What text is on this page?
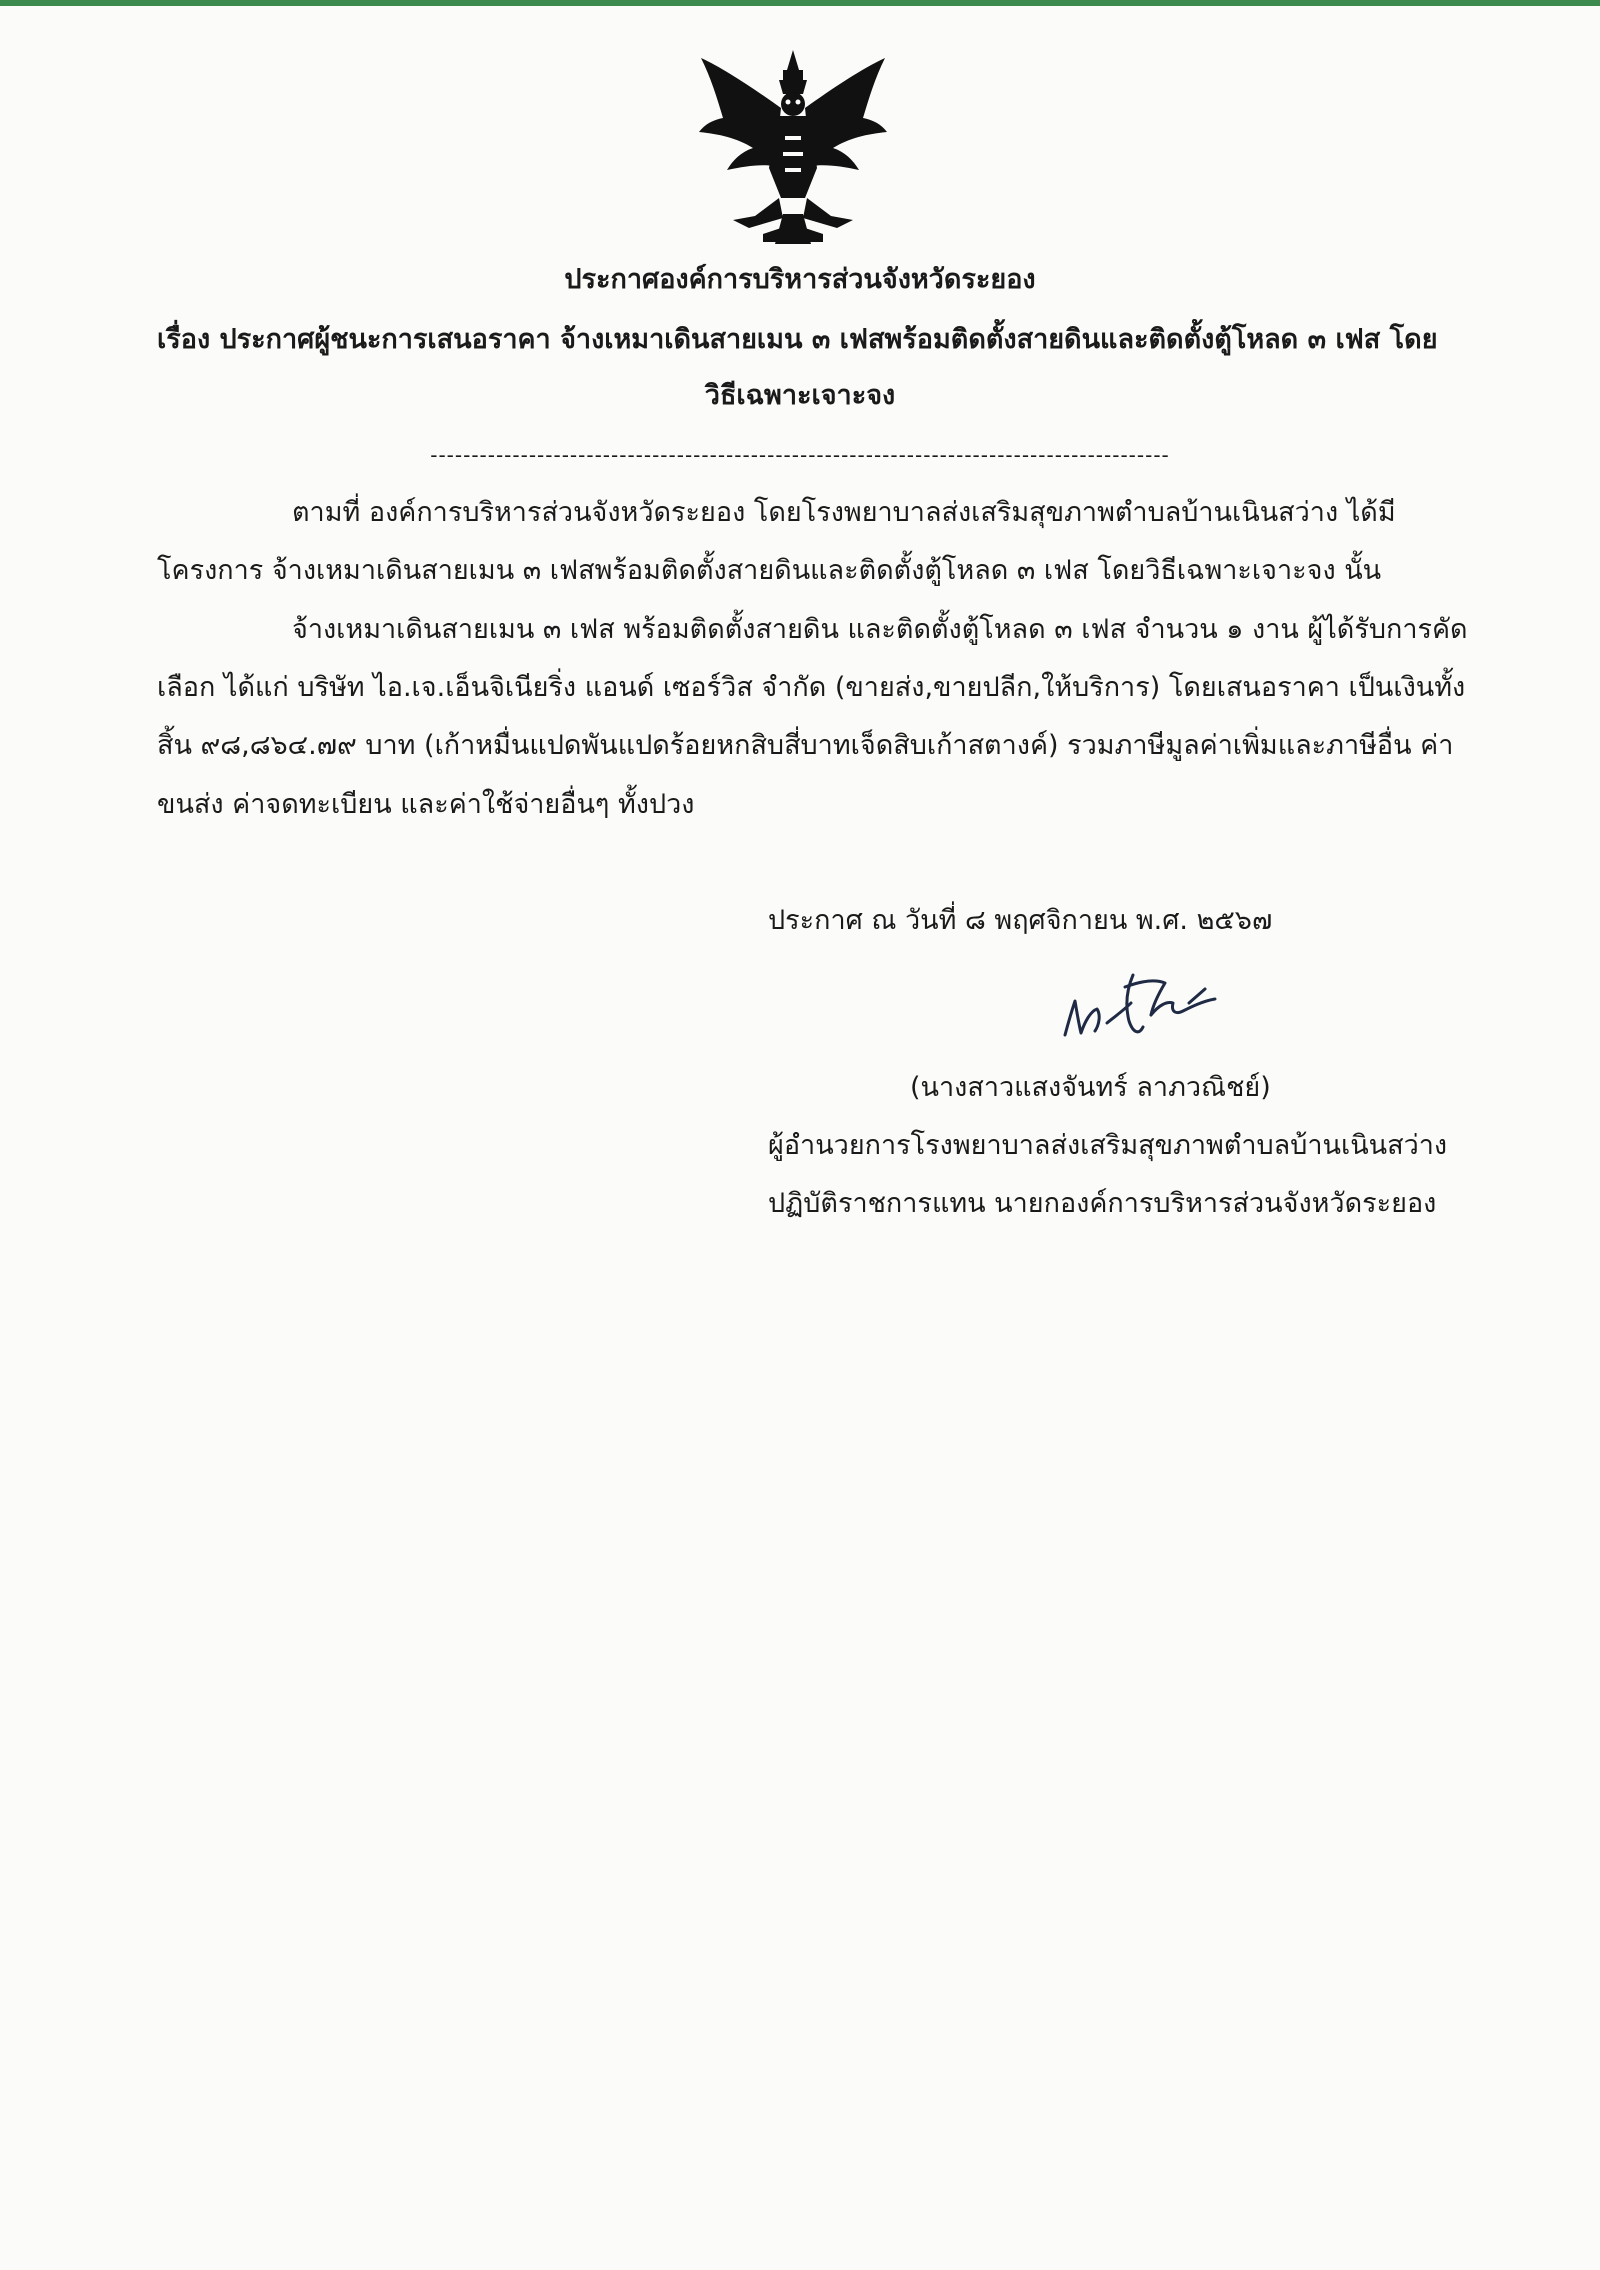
ประกาศองค์การบริหารส่วนจังหวัดระยอง
เรื่อง ประกาศผู้ชนะการเสนอราคา จ้างเหมาเดินสายเมน ๓ เฟสพร้อมติดตั้งสายดินและติดตั้งตู้โหลด ๓ เฟส โดย
วิธีเฉพาะเจาะจง
------------------------------------------------------------------------------------------
ตามที่ องค์การบริหารส่วนจังหวัดระยอง โดยโรงพยาบาลส่งเสริมสุขภาพตำบลบ้านเนินสว่าง ได้มี
โครงการ จ้างเหมาเดินสายเมน ๓ เฟสพร้อมติดตั้งสายดินและติดตั้งตู้โหลด ๓ เฟส โดยวิธีเฉพาะเจาะจง นั้น
จ้างเหมาเดินสายเมน ๓ เฟส พร้อมติดตั้งสายดิน และติดตั้งตู้โหลด ๓ เฟส จำนวน ๑ งาน ผู้ได้รับการคัด
เลือก ได้แก่ บริษัท ไอ.เจ.เอ็นจิเนียริ่ง แอนด์ เซอร์วิส จำกัด (ขายส่ง,ขายปลีก,ให้บริการ) โดยเสนอราคา เป็นเงินทั้ง
สิ้น ๙๘,๘๖๔.๗๙ บาท (เก้าหมื่นแปดพันแปดร้อยหกสิบสี่บาทเจ็ดสิบเก้าสตางค์) รวมภาษีมูลค่าเพิ่มและภาษีอื่น ค่า
ขนส่ง ค่าจดทะเบียน และค่าใช้จ่ายอื่นๆ ทั้งปวง
ประกาศ ณ วันที่ ๘ พฤศจิกายน พ.ศ. ๒๕๖๗
(นางสาวแสงจันทร์ ลาภวณิชย์)
ผู้อำนวยการโรงพยาบาลส่งเสริมสุขภาพตำบลบ้านเนินสว่าง
ปฏิบัติราชการแทน นายกองค์การบริหารส่วนจังหวัดระยอง
